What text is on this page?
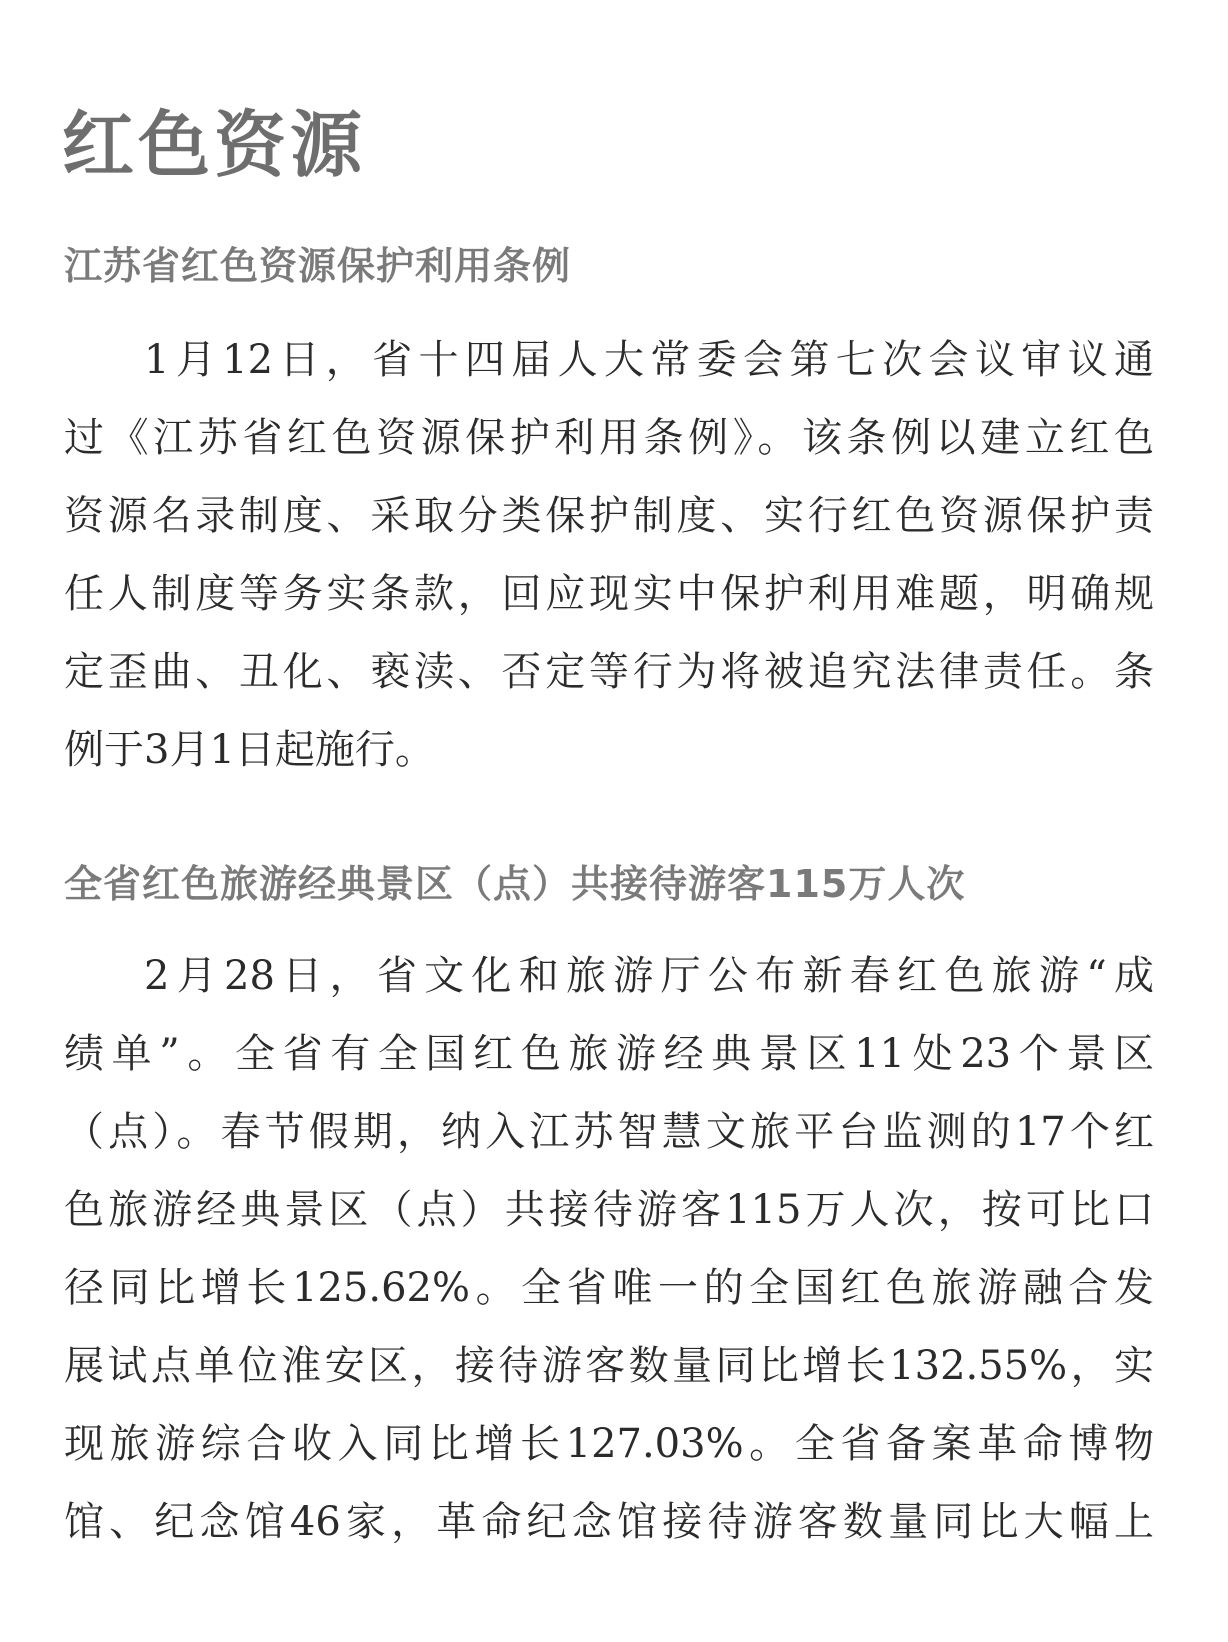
红色资源
江苏省红色资源保护利用条例
1月12日，省十四届人大常委会第七次会议审议通
过《江苏省红色资源保护利用条例》。该条例以建立红色
资源名录制度、采取分类保护制度、实行红色资源保护责
任人制度等务实条款，回应现实中保护利用难题，明确规
定歪曲、丑化、亵渎、否定等行为将被追究法律责任。条
例于3月1日起施行。
全省红色旅游经典景区（点）共接待游客115万人次
2月28日，省文化和旅游厅公布新春红色旅游“成
绩单”。全省有全国红色旅游经典景区11处23个景区
（点）。春节假期，纳入江苏智慧文旅平台监测的17个红
色旅游经典景区（点）共接待游客115万人次，按可比口
径同比增长125.62%。全省唯一的全国红色旅游融合发
展试点单位淮安区，接待游客数量同比增长132.55%，实
现旅游综合收入同比增长127.03%。全省备案革命博物
馆、纪念馆46家，革命纪念馆接待游客数量同比大幅上
